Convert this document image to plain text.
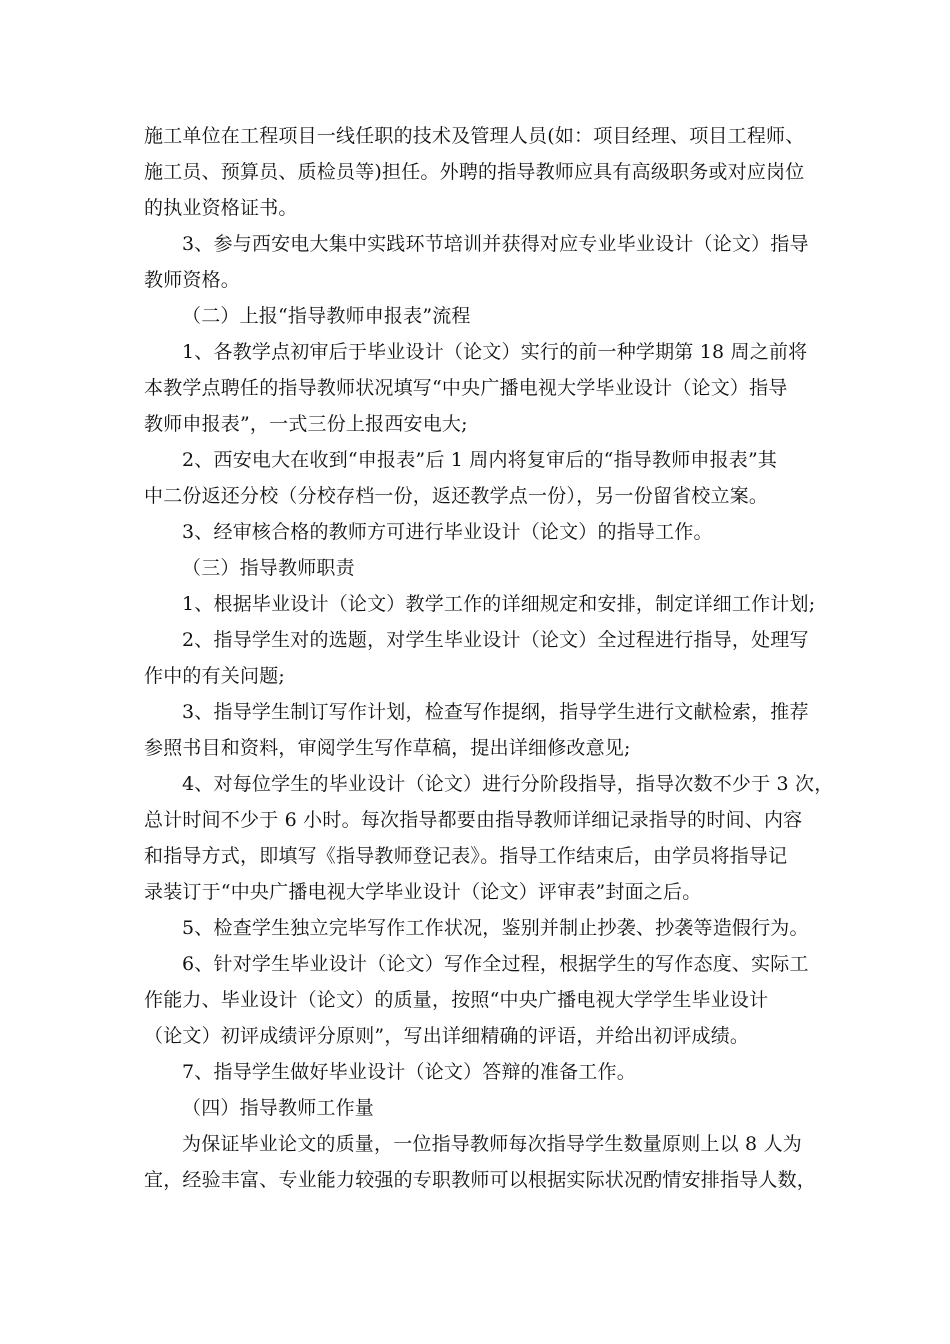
施工单位在工程项目一线任职的技术及管理人员(如：项目经理、项目工程师、
施工员、预算员、质检员等)担任。外聘的指导教师应具有高级职务或对应岗位
的执业资格证书。
3、参与西安电大集中实践环节培训并获得对应专业毕业设计（论文）指导
教师资格。
（二）上报“指导教师申报表”流程
1、各教学点初审后于毕业设计（论文）实行的前一种学期第 18 周之前将
本教学点聘任的指导教师状况填写“中央广播电视大学毕业设计（论文）指导
教师申报表”，一式三份上报西安电大;
2、西安电大在收到“申报表”后 1 周内将复审后的“指导教师申报表”其
中二份返还分校（分校存档一份，返还教学点一份），另一份留省校立案。
3、经审核合格的教师方可进行毕业设计（论文）的指导工作。
（三）指导教师职责
1、根据毕业设计（论文）教学工作的详细规定和安排，制定详细工作计划;
2、指导学生对的选题，对学生毕业设计（论文）全过程进行指导，处理写
作中的有关问题;
3、指导学生制订写作计划，检查写作提纲，指导学生进行文献检索，推荐
参照书目和资料，审阅学生写作草稿，提出详细修改意见;
4、对每位学生的毕业设计（论文）进行分阶段指导，指导次数不少于 3 次，
总计时间不少于 6 小时。每次指导都要由指导教师详细记录指导的时间、内容
和指导方式，即填写《指导教师登记表》。指导工作结束后，由学员将指导记
录装订于“中央广播电视大学毕业设计（论文）评审表”封面之后。
5、检查学生独立完毕写作工作状况，鉴别并制止抄袭、抄袭等造假行为。
6、针对学生毕业设计（论文）写作全过程，根据学生的写作态度、实际工
作能力、毕业设计（论文）的质量，按照“中央广播电视大学学生毕业设计
（论文）初评成绩评分原则”，写出详细精确的评语，并给出初评成绩。
7、指导学生做好毕业设计（论文）答辩的准备工作。
（四）指导教师工作量
为保证毕业论文的质量，一位指导教师每次指导学生数量原则上以 8 人为
宜，经验丰富、专业能力较强的专职教师可以根据实际状况酌情安排指导人数，
